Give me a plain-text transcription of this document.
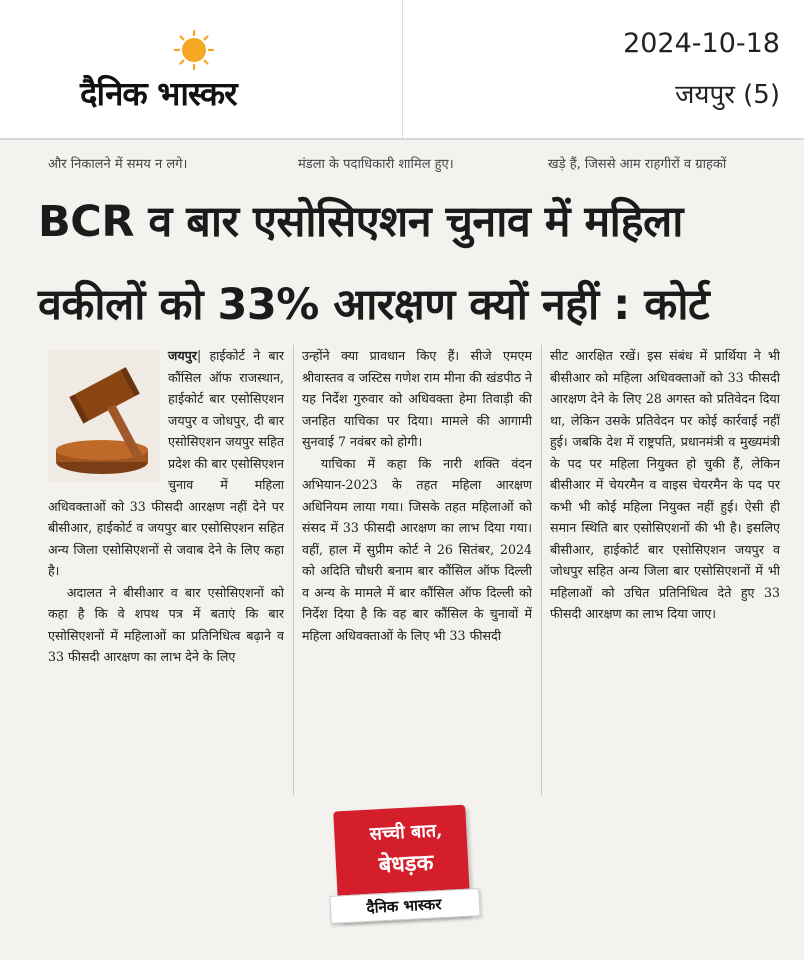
दैनिक भास्कर
2024-10-18
जयपुर (5)
और निकालने में समय न लगे।	मंडला के पदाधिकारी शामिल हुए।	खड़े हैं, जिससे आम राहगीरों व ग्राहकों
BCR व बार एसोसिएशन चुनाव में महिला
वकीलों को 33% आरक्षण क्यों नहीं : कोर्ट

जयपुर|
हाईकोर्ट ने बार कौंसिल ऑफ राजस्थान, हाईकोर्ट बार एसोसिएशन जयपुर व जोधपुर, दी बार एसोसिएशन जयपुर सहित प्रदेश की बार एसोसिएशन चुनाव में महिला अधिवक्ताओं को 33 फीसदी आरक्षण नहीं देने पर बीसीआर, हाईकोर्ट व जयपुर बार एसोसिएशन सहित अन्य जिला एसोसिएशनों से जवाब देने के लिए कहा है।

अदालत ने बीसीआर व बार एसोसिएशनों को कहा है कि वे शपथ पत्र में बताएं कि बार एसोसिएशनों में महिलाओं का प्रतिनिधित्व बढ़ाने व 33 फीसदी आरक्षण का लाभ देने के लिए

उन्होंने क्या प्रावधान किए हैं। सीजे एमएम श्रीवास्तव व जस्टिस गणेश राम मीना की खंडपीठ ने यह निर्देश गुरुवार को अधिवक्ता हेमा तिवाड़ी की जनहित याचिका पर दिया। मामले की आगामी सुनवाई 7 नवंबर को होगी।

याचिका में कहा कि नारी शक्ति वंदन अभियान-2023 के तहत महिला आरक्षण अधिनियम लाया गया। जिसके तहत महिलाओं को संसद में 33 फीसदी आरक्षण का लाभ दिया गया। वहीं, हाल में सुप्रीम कोर्ट ने 26 सितंबर, 2024 को अदिति चौधरी बनाम बार कौंसिल ऑफ दिल्ली व अन्य के मामले में बार कौंसिल ऑफ दिल्ली को निर्देश दिया है कि वह बार कौंसिल के चुनावों में महिला अधिवक्ताओं के लिए भी 33 फीसदी

सीट आरक्षित रखें। इस संबंध में प्रार्थिया ने भी बीसीआर को महिला अधिवक्ताओं को 33 फीसदी आरक्षण देने के लिए 28 अगस्त को प्रतिवेदन दिया था, लेकिन उसके प्रतिवेदन पर कोई कार्रवाई नहीं हुई। जबकि देश में राष्ट्रपति, प्रधानमंत्री व मुख्यमंत्री के पद पर महिला नियुक्त हो चुकी हैं, लेकिन बीसीआर में चेयरमैन व वाइस चेयरमैन के पद पर कभी भी कोई महिला नियुक्त नहीं हुई। ऐसी ही समान स्थिति बार एसोसिएशनों की भी है। इसलिए बीसीआर, हाईकोर्ट बार एसोसिएशन जयपुर व जोधपुर सहित अन्य जिला बार एसोसिएशनों में भी महिलाओं को उचित प्रतिनिधित्व देते हुए 33 फीसदी आरक्षण का लाभ दिया जाए।

सच्ची बात,
बेधड़क
दैनिक भास्कर
